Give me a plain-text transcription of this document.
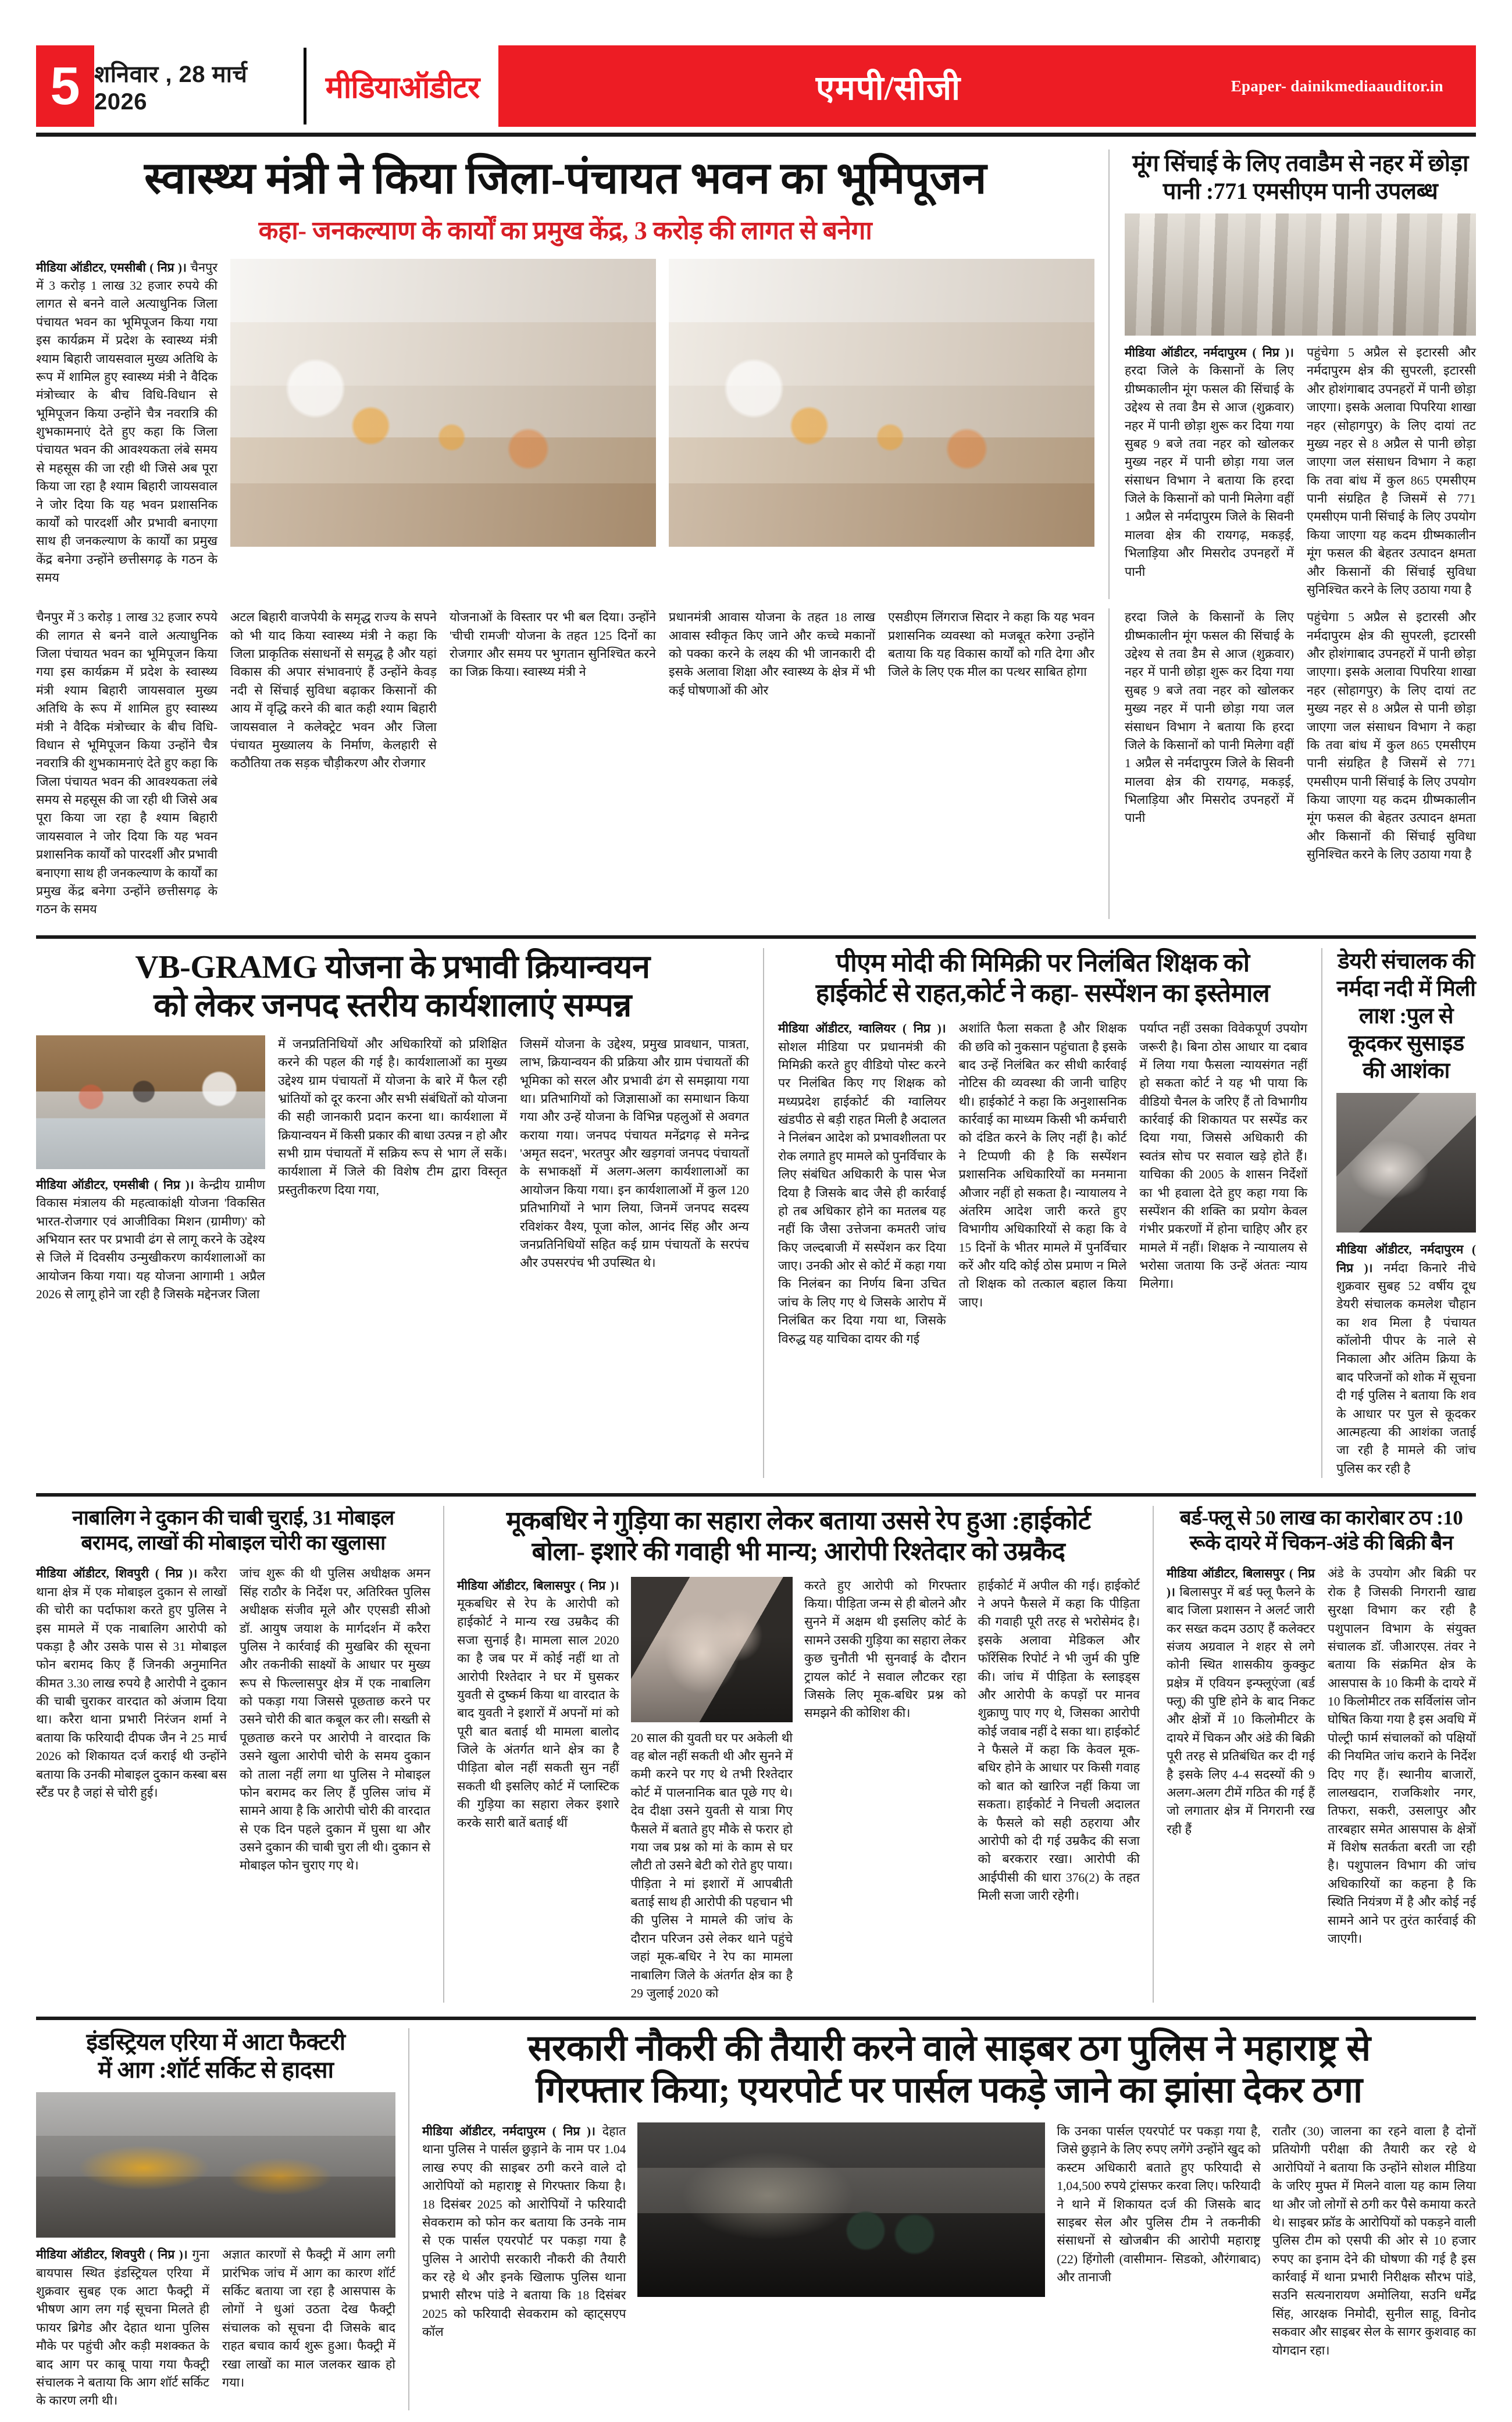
5 शनिवार , 28 मार्च 2026	मीडियाऑडीटर	एमपी/सीजी	Epaper- dainikmediaauditor.in
स्वास्थ्य मंत्री ने किया जिला-पंचायत भवन का भूमिपूजन
कहा- जनकल्याण के कार्यों का प्रमुख केंद्र, 3 करोड़ की लागत से बनेगा

मीडिया ऑडीटर, एमसीबी ( निप्र )। चैनपुर में 3 करोड़ 1 लाख 32 हजार रुपये की लागत से बनने वाले अत्याधुनिक जिला पंचायत भवन का भूमिपूजन किया गया इस कार्यक्रम में प्रदेश के स्वास्थ्य मंत्री श्याम बिहारी जायसवाल मुख्य अतिथि के रूप में शामिल हुए स्वास्थ्य मंत्री ने वैदिक मंत्रोच्चार के बीच विधि-विधान से भूमिपूजन किया उन्होंने चैत्र नवरात्रि की शुभकामनाएं देते हुए कहा कि जिला पंचायत भवन की आवश्यकता लंबे समय से महसूस की जा रही थी जिसे अब पूरा किया जा रहा है श्याम बिहारी जायसवाल ने जोर दिया कि यह भवन प्रशासनिक कार्यों को पारदर्शी और प्रभावी बनाएगा साथ ही जनकल्याण के कार्यों का प्रमुख केंद्र बनेगा उन्होंने छत्तीसगढ़ के गठन के समय

मूंग सिंचाई के लिए तवाडैम से नहर में छोड़ा पानी :771 एमसीएम पानी उपलब्ध

मीडिया ऑडीटर, नर्मदापुरम ( निप्र )। हरदा जिले के किसानों के लिए ग्रीष्मकालीन मूंग फसल की सिंचाई के उद्देश्य से तवा डैम से आज (शुक्रवार) नहर में पानी छोड़ा शुरू कर दिया गया सुबह 9 बजे तवा नहर को खोलकर मुख्य नहर में पानी छोड़ा गया जल संसाधन विभाग ने बताया कि हरदा जिले के किसानों को पानी मिलेगा वहीं 1 अप्रैल से नर्मदापुरम जिले के सिवनी मालवा क्षेत्र की रायगढ़, मकड़ई, भिलाड़िया और मिसरोद उपनहरों में पानी

पहुंचेगा 5 अप्रैल से इटारसी और नर्मदापुरम क्षेत्र की सुपरली, इटारसी और होशंगाबाद उपनहरों में पानी छोड़ा जाएगा। इसके अलावा पिपरिया शाखा नहर (सोहागपुर) के लिए दायां तट मुख्य नहर से 8 अप्रैल से पानी छोड़ा जाएगा जल संसाधन विभाग ने कहा कि तवा बांध में कुल 865 एमसीएम पानी संग्रहित है जिसमें से 771 एमसीएम पानी सिंचाई के लिए उपयोग किया जाएगा यह कदम ग्रीष्मकालीन मूंग फसल की बेहतर उत्पादन क्षमता और किसानों की सिंचाई सुविधा सुनिश्चित करने के लिए उठाया गया है
चैनपुर में 3 करोड़ 1 लाख 32 हजार रुपये की लागत से बनने वाले अत्याधुनिक जिला पंचायत भवन का भूमिपूजन किया गया इस कार्यक्रम में प्रदेश के स्वास्थ्य मंत्री श्याम बिहारी जायसवाल मुख्य अतिथि के रूप में शामिल हुए स्वास्थ्य मंत्री ने वैदिक मंत्रोच्चार के बीच विधि-विधान से भूमिपूजन किया उन्होंने चैत्र नवरात्रि की शुभकामनाएं देते हुए कहा कि जिला पंचायत भवन की आवश्यकता लंबे समय से महसूस की जा रही थी जिसे अब पूरा किया जा रहा है श्याम बिहारी जायसवाल ने जोर दिया कि यह भवन प्रशासनिक कार्यों को पारदर्शी और प्रभावी बनाएगा साथ ही जनकल्याण के कार्यों का प्रमुख केंद्र बनेगा उन्होंने छत्तीसगढ़ के गठन के समय
अटल बिहारी वाजपेयी के समृद्ध राज्य के सपने को भी याद किया स्वास्थ्य मंत्री ने कहा कि जिला प्राकृतिक संसाधनों से समृद्ध है और यहां विकास की अपार संभावनाएं हैं उन्होंने केवड़ नदी से सिंचाई सुविधा बढ़ाकर किसानों की आय में वृद्धि करने की बात कही श्याम बिहारी जायसवाल ने कलेक्ट्रेट भवन और जिला पंचायत मुख्यालय के निर्माण, केलहारी से कठौतिया तक सड़क चौड़ीकरण और रोजगार
योजनाओं के विस्तार पर भी बल दिया। उन्होंने 'चीची रामजी' योजना के तहत 125 दिनों का रोजगार और समय पर भुगतान सुनिश्चित करने का जिक्र किया। स्वास्थ्य मंत्री ने
प्रधानमंत्री आवास योजना के तहत 18 लाख आवास स्वीकृत किए जाने और कच्चे मकानों को पक्का करने के लक्ष्य की भी जानकारी दी इसके अलावा शिक्षा और स्वास्थ्य के क्षेत्र में भी कई घोषणाओं की ओर
एसडीएम लिंगराज सिदार ने कहा कि यह भवन प्रशासनिक व्यवस्था को मजबूत करेगा उन्होंने बताया कि यह विकास कार्यों को गति देगा और जिले के लिए एक मील का पत्थर साबित होगा
हरदा जिले के किसानों के लिए ग्रीष्मकालीन मूंग फसल की सिंचाई के उद्देश्य से तवा डैम से आज (शुक्रवार) नहर में पानी छोड़ा शुरू कर दिया गया सुबह 9 बजे तवा नहर को खोलकर मुख्य नहर में पानी छोड़ा गया जल संसाधन विभाग ने बताया कि हरदा जिले के किसानों को पानी मिलेगा वहीं 1 अप्रैल से नर्मदापुरम जिले के सिवनी मालवा क्षेत्र की रायगढ़, मकड़ई, भिलाड़िया और मिसरोद उपनहरों में पानी
पहुंचेगा 5 अप्रैल से इटारसी और नर्मदापुरम क्षेत्र की सुपरली, इटारसी और होशंगाबाद उपनहरों में पानी छोड़ा जाएगा। इसके अलावा पिपरिया शाखा नहर (सोहागपुर) के लिए दायां तट मुख्य नहर से 8 अप्रैल से पानी छोड़ा जाएगा जल संसाधन विभाग ने कहा कि तवा बांध में कुल 865 एमसीएम पानी संग्रहित है जिसमें से 771 एमसीएम पानी सिंचाई के लिए उपयोग किया जाएगा यह कदम ग्रीष्मकालीन मूंग फसल की बेहतर उत्पादन क्षमता और किसानों की सिंचाई सुविधा सुनिश्चित करने के लिए उठाया गया है
VB-GRAMG योजना के प्रभावी क्रियान्वयन
को लेकर जनपद स्तरीय कार्यशालाएं सम्पन्न

मीडिया ऑडीटर, एमसीबी ( निप्र )। केन्द्रीय ग्रामीण विकास मंत्रालय की महत्वाकांक्षी योजना 'विकसित भारत-रोजगार एवं आजीविका मिशन (ग्रामीण)' को अभियान स्तर पर प्रभावी ढंग से लागू करने के उद्देश्य से जिले में दिवसीय उन्मुखीकरण कार्यशालाओं का आयोजन किया गया। यह योजना आगामी 1 अप्रैल 2026 से लागू होने जा रही है जिसके मद्देनजर जिला

में जनप्रतिनिधियों और अधिकारियों को प्रशिक्षित करने की पहल की गई है। कार्यशालाओं का मुख्य उद्देश्य ग्राम पंचायतों में योजना के बारे में फैल रही भ्रांतियों को दूर करना और सभी संबंधितों को योजना की सही जानकारी प्रदान करना था। कार्यशाला में क्रियान्वयन में किसी प्रकार की बाधा उत्पन्न न हो और सभी ग्राम पंचायतों में सक्रिय रूप से भाग लें सकें। कार्यशाला में जिले की विशेष टीम द्वारा विस्तृत प्रस्तुतीकरण दिया गया,
जिसमें योजना के उद्देश्य, प्रमुख प्रावधान, पात्रता, लाभ, क्रियान्वयन की प्रक्रिया और ग्राम पंचायतों की भूमिका को सरल और प्रभावी ढंग से समझाया गया था। प्रतिभागियों को जिज्ञासाओं का समाधान किया गया और उन्हें योजना के विभिन्न पहलुओं से अवगत कराया गया। जनपद पंचायत मनेंद्रगढ़ से मनेन्द्र 'अमृत सदन', भरतपुर और खड़गवां जनपद पंचायतों के सभाकक्षों में अलग-अलग कार्यशालाओं का आयोजन किया गया। इन कार्यशालाओं में कुल 120 प्रतिभागियों ने भाग लिया, जिनमें जनपद सदस्य रविशंकर वैश्य, पूजा कोल, आनंद सिंह और अन्य जनप्रतिनिधियों सहित कई ग्राम पंचायतों के सरपंच और उपसरपंच भी उपस्थित थे।
पीएम मोदी की मिमिक्री पर निलंबित शिक्षक को
हाईकोर्ट से राहत,कोर्ट ने कहा- सस्पेंशन का इस्तेमाल

मीडिया ऑडीटर, ग्वालियर ( निप्र )। सोशल मीडिया पर प्रधानमंत्री की मिमिक्री करते हुए वीडियो पोस्ट करने पर निलंबित किए गए शिक्षक को मध्यप्रदेश हाईकोर्ट की ग्वालियर खंडपीठ से बड़ी राहत मिली है अदालत ने निलंबन आदेश को प्रभावशीलता पर रोक लगाते हुए मामले को पुनर्विचार के लिए संबंधित अधिकारी के पास भेज दिया है जिसके बाद जैसे ही कार्रवाई हो तब अधिकार होने का मतलब यह नहीं कि जैसा उत्तेजना कमतरी जांच किए जल्दबाजी में सस्पेंशन कर दिया जाए। उनकी ओर से कोर्ट में कहा गया कि निलंबन का निर्णय बिना उचित जांच के लिए गए थे जिसके आरोप में निलंबित कर दिया गया था, जिसके विरुद्ध यह याचिका दायर की गई

अशांति फैला सकता है और शिक्षक की छवि को नुकसान पहुंचाता है इसके बाद उन्हें निलंबित कर सीधी कार्रवाई नोटिस की व्यवस्था की जानी चाहिए थी। हाईकोर्ट ने कहा कि अनुशासनिक कार्रवाई का माध्यम किसी भी कर्मचारी को दंडित करने के लिए नहीं है। कोर्ट ने टिप्पणी की है कि सस्पेंशन प्रशासनिक अधिकारियों का मनमाना औजार नहीं हो सकता है। न्यायालय ने अंतरिम आदेश जारी करते हुए विभागीय अधिकारियों से कहा कि वे 15 दिनों के भीतर मामले में पुनर्विचार करें और यदि कोई ठोस प्रमाण न मिले तो शिक्षक को तत्काल बहाल किया जाए।
पर्याप्त नहीं उसका विवेकपूर्ण उपयोग जरूरी है। बिना ठोस आधार या दबाव में लिया गया फैसला न्यायसंगत नहीं हो सकता कोर्ट ने यह भी पाया कि वीडियो चैनल के जरिए हैं तो विभागीय कार्रवाई की शिकायत पर सस्पेंड कर दिया गया, जिससे अधिकारी की स्वतंत्र सोच पर सवाल खड़े होते हैं। याचिका की 2005 के शासन निर्देशों का भी हवाला देते हुए कहा गया कि सस्पेंशन की शक्ति का प्रयोग केवल गंभीर प्रकरणों में होना चाहिए और हर मामले में नहीं। शिक्षक ने न्यायालय से भरोसा जताया कि उन्हें अंततः न्याय मिलेगा।
डेयरी संचालक की नर्मदा नदी में मिली लाश :पुल से कूदकर सुसाइड की आशंका

मीडिया ऑडीटर, नर्मदापुरम ( निप्र )। नर्मदा किनारे नीचे शुक्रवार सुबह 52 वर्षीय दूध डेयरी संचालक कमलेश चौहान का शव मिला है पंचायत कॉलोनी पीपर के नाले से निकाला और अंतिम क्रिया के बाद परिजनों को शोक में सूचना दी गई पुलिस ने बताया कि शव के आधार पर पुल से कूदकर आत्महत्या की आशंका जताई जा रही है मामले की जांच पुलिस कर रही है

नाबालिग ने दुकान की चाबी चुराई, 31 मोबाइल
बरामद, लाखों की मोबाइल चोरी का खुलासा

मीडिया ऑडीटर, शिवपुरी ( निप्र )। करैरा थाना क्षेत्र में एक मोबाइल दुकान से लाखों की चोरी का पर्दाफाश करते हुए पुलिस ने इस मामले में एक नाबालिग आरोपी को पकड़ा है और उसके पास से 31 मोबाइल फोन बरामद किए हैं जिनकी अनुमानित कीमत 3.30 लाख रुपये है आरोपी ने दुकान की चाबी चुराकर वारदात को अंजाम दिया था। करैरा थाना प्रभारी निरंजन शर्मा ने बताया कि फरियादी दीपक जैन ने 25 मार्च 2026 को शिकायत दर्ज कराई थी उन्होंने बताया कि उनकी मोबाइल दुकान कस्बा बस स्टैंड पर है जहां से चोरी हुई।

जांच शुरू की थी पुलिस अधीक्षक अमन सिंह राठौर के निर्देश पर, अतिरिक्त पुलिस अधीक्षक संजीव मूले और एएसडी सीओ डॉ. आयुष जयाश के मार्गदर्शन में करैरा पुलिस ने कार्रवाई की मुखबिर की सूचना और तकनीकी साक्ष्यों के आधार पर मुख्य रूप से फिल्लासपुर क्षेत्र में एक नाबालिग को पकड़ा गया जिससे पूछताछ करने पर उसने चोरी की बात कबूल कर ली। सख्ती से पूछताछ करने पर आरोपी ने वारदात कि उसने खुला आरोपी चोरी के समय दुकान को ताला नहीं लगा था पुलिस ने मोबाइल फोन बरामद कर लिए हैं पुलिस जांच में सामने आया है कि आरोपी चोरी की वारदात से एक दिन पहले दुकान में घुसा था और उसने दुकान की चाबी चुरा ली थी। दुकान से मोबाइल फोन चुराए गए थे।
मूकबधिर ने गुड़िया का सहारा लेकर बताया उससे रेप हुआ :हाईकोर्ट
बोला- इशारे की गवाही भी मान्य; आरोपी रिश्तेदार को उम्रकैद

मीडिया ऑडीटर, बिलासपुर ( निप्र )। मूकबधिर से रेप के आरोपी को हाईकोर्ट ने मान्य रख उम्रकैद की सजा सुनाई है। मामला साल 2020 का है जब पर में कोई नहीं था तो आरोपी रिश्तेदार ने घर में घुसकर युवती से दुष्कर्म किया था वारदात के बाद युवती ने इशारों में अपनों मां को पूरी बात बताई थी मामला बालोद जिले के अंतर्गत थाने क्षेत्र का है पीड़िता बोल नहीं सकती सुन नहीं सकती थी इसलिए कोर्ट में प्लास्टिक की गुड़िया का सहारा लेकर इशारे करके सारी बातें बताई थीं

20 साल की युवती घर पर अकेली थी वह बोल नहीं सकती थी और सुनने में कमी करने पर गए थे तभी रिश्तेदार कोर्ट में पालनानिक बात पूछे गए थे। देव दीक्षा उसने युवती से यात्रा गिए फैसले में बताते हुए मौके से फरार हो गया जब प्रश्न को मां के काम से घर लौटी तो उसने बेटी को रोते हुए पाया। पीड़िता ने मां इशारों में आपबीती बताई साथ ही आरोपी की पहचान भी की पुलिस ने मामले की जांच के दौरान परिजन उसे लेकर थाने पहुंचे जहां मूक-बधिर ने रेप का मामला नाबालिग जिले के अंतर्गत क्षेत्र का है 29 जुलाई 2020 को
करते हुए आरोपी को गिरफ्तार किया। पीड़िता जन्म से ही बोलने और सुनने में अक्षम थी इसलिए कोर्ट के सामने उसकी गुड़िया का सहारा लेकर कुछ चुनौती भी सुनवाई के दौरान ट्रायल कोर्ट ने सवाल लौटकर रहा जिसके लिए मूक-बधिर प्रश्न को समझने की कोशिश की।
हाईकोर्ट में अपील की गई। हाईकोर्ट ने अपने फैसले में कहा कि पीड़िता की गवाही पूरी तरह से भरोसेमंद है। इसके अलावा मेडिकल और फॉरेंसिक रिपोर्ट ने भी जुर्म की पुष्टि की। जांच में पीड़िता के स्लाइड्स और आरोपी के कपड़ों पर मानव शुक्राणु पाए गए थे, जिसका आरोपी कोई जवाब नहीं दे सका था। हाईकोर्ट ने फैसले में कहा कि केवल मूक-बधिर होने के आधार पर किसी गवाह को बात को खारिज नहीं किया जा सकता। हाईकोर्ट ने निचली अदालत के फैसले को सही ठहराया और आरोपी को दी गई उम्रकैद की सजा को बरकरार रखा। आरोपी की आईपीसी की धारा 376(2) के तहत मिली सजा जारी रहेगी।
बर्ड-फ्लू से 50 लाख का कारोबार ठप :10
रूके दायरे में चिकन-अंडे की बिक्री बैन

मीडिया ऑडीटर, बिलासपुर ( निप्र )। बिलासपुर में बर्ड फ्लू फैलने के बाद जिला प्रशासन ने अलर्ट जारी कर सख्त कदम उठाए हैं कलेक्टर संजय अग्रवाल ने शहर से लगे कोनी स्थित शासकीय कुक्कुट प्रक्षेत्र में एवियन इन्फ्लूएंजा (बर्ड फ्लू) की पुष्टि होने के बाद निकट और क्षेत्रों में 10 किलोमीटर के दायरे में चिकन और अंडे की बिक्री पूरी तरह से प्रतिबंधित कर दी गई है इसके लिए 4-4 सदस्यों की 9 अलग-अलग टीमें गठित की गई हैं जो लगातार क्षेत्र में निगरानी रख रही हैं

अंडे के उपयोग और बिक्री पर रोक है जिसकी निगरानी खाद्य सुरक्षा विभाग कर रही है पशुपालन विभाग के संयुक्त संचालक डॉ. जीआरएस. तंवर ने बताया कि संक्रमित क्षेत्र के आसपास के 10 किमी के दायरे में 10 किलोमीटर तक सर्विलांस जोन घोषित किया गया है इस अवधि में पोल्ट्री फार्म संचालकों को पक्षियों की नियमित जांच कराने के निर्देश दिए गए हैं। स्थानीय बाजारों, लालखदान, राजकिशोर नगर, तिफरा, सकरी, उसलापुर और तारबहार समेत आसपास के क्षेत्रों में विशेष सतर्कता बरती जा रही है। पशुपालन विभाग की जांच अधिकारियों का कहना है कि स्थिति नियंत्रण में है और कोई नई सामने आने पर तुरंत कार्रवाई की जाएगी।
इंडस्ट्रियल एरिया में आटा फैक्टरी
में आग :शॉर्ट सर्किट से हादसा

मीडिया ऑडीटर, शिवपुरी ( निप्र )। गुना बायपास स्थित इंडस्ट्रियल एरिया में शुक्रवार सुबह एक आटा फैक्ट्री में भीषण आग लग गई सूचना मिलते ही फायर ब्रिगेड और देहात थाना पुलिस मौके पर पहुंची और कड़ी मशक्कत के बाद आग पर काबू पाया गया फैक्ट्री संचालक ने बताया कि आग शॉर्ट सर्किट के कारण लगी थी।

अज्ञात कारणों से फैक्ट्री में आग लगी प्रारंभिक जांच में आग का कारण शॉर्ट सर्किट बताया जा रहा है आसपास के लोगों ने धुआं उठता देख फैक्ट्री संचालक को सूचना दी जिसके बाद राहत बचाव कार्य शुरू हुआ। फैक्ट्री में रखा लाखों का माल जलकर खाक हो गया।
सरकारी नौकरी की तैयारी करने वाले साइबर ठग पुलिस ने महाराष्ट्र से
गिरफ्तार किया; एयरपोर्ट पर पार्सल पकड़े जाने का झांसा देकर ठगा

मीडिया ऑडीटर, नर्मदापुरम ( निप्र )। देहात थाना पुलिस ने पार्सल छुड़ाने के नाम पर 1.04 लाख रुपए की साइबर ठगी करने वाले दो आरोपियों को महाराष्ट्र से गिरफ्तार किया है। 18 दिसंबर 2025 को आरोपियों ने फरियादी सेवकराम को फोन कर बताया कि उनके नाम से एक पार्सल एयरपोर्ट पर पकड़ा गया है पुलिस ने आरोपी सरकारी नौकरी की तैयारी कर रहे थे और इनके खिलाफ पुलिस थाना प्रभारी सौरभ पांडे ने बताया कि 18 दिसंबर 2025 को फरियादी सेवकराम को व्हाट्सएप कॉल

कि उनका पार्सल एयरपोर्ट पर पकड़ा गया है, जिसे छुड़ाने के लिए रुपए लगेंगे उन्होंने खुद को कस्टम अधिकारी बताते हुए फरियादी से 1,04,500 रुपये ट्रांसफर करवा लिए। फरियादी ने थाने में शिकायत दर्ज की जिसके बाद साइबर सेल और पुलिस टीम ने तकनीकी संसाधनों से खोजबीन की आरोपी महाराष्ट्र (22) हिंगोली (वासीमान- सिडको, औरंगाबाद) और तानाजी
रातौर (30) जालना का रहने वाला है दोनों प्रतियोगी परीक्षा की तैयारी कर रहे थे आरोपियों ने बताया कि उन्होंने सोशल मीडिया के जरिए मुफ्त में मिलने वाला यह काम लिया था और जो लोगों से ठगी कर पैसे कमाया करते थे। साइबर फ्रॉड के आरोपियों को पकड़ने वाली पुलिस टीम को एसपी की ओर से 10 हजार रुपए का इनाम देने की घोषणा की गई है इस कार्रवाई में थाना प्रभारी निरीक्षक सौरभ पांडे, सउनि सत्यनारायण अमोलिया, सउनि धर्मेंद्र सिंह, आरक्षक निमोदी, सुनील साहू, विनोद सकवार और साइबर सेल के सागर कुशवाह का योगदान रहा।
